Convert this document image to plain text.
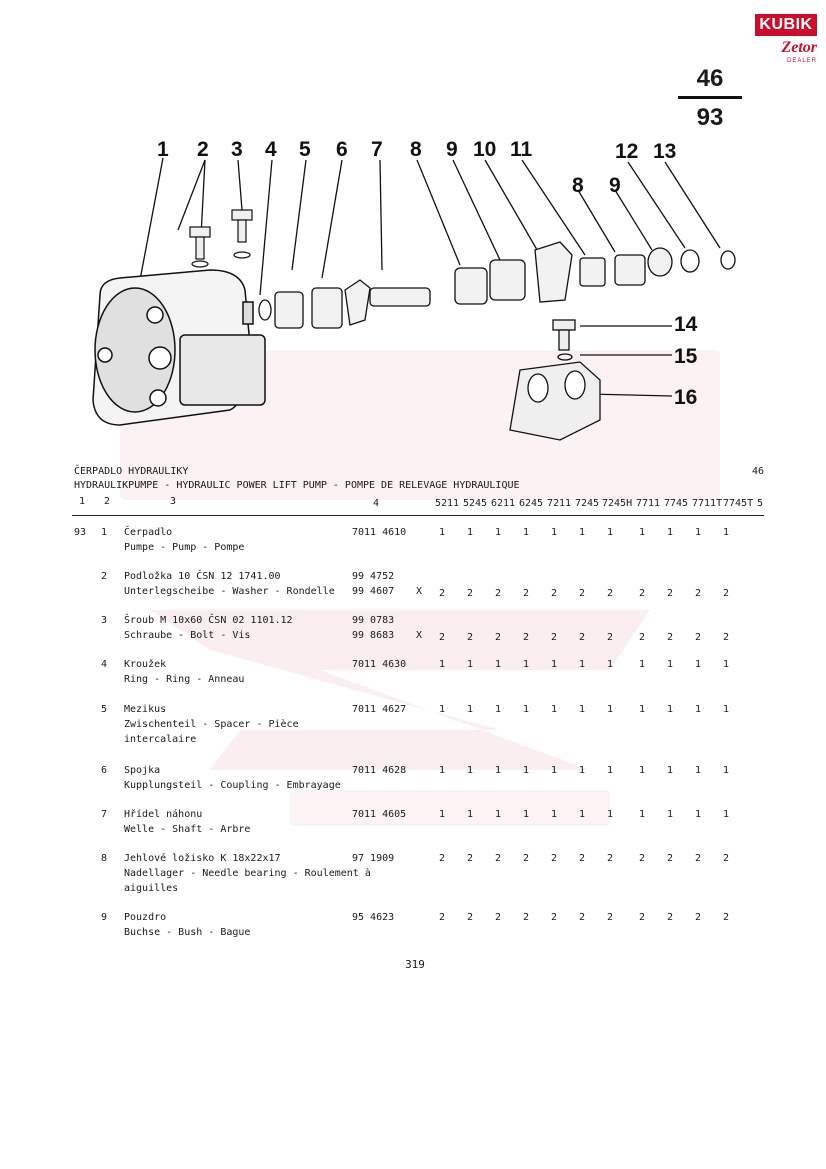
KUBIK
Zetor
DEALER
46
93
1 2 3 4 5 6 7 8 9 10 11
8 9
12 13
14
15
16
ČERPADLO HYDRAULIKY	46
HYDRAULIKPUMPE - HYDRAULIC POWER LIFT PUMP - POMPE DE RELEVAGE HYDRAULIQUE
1 2	3	4	5
5211 5245 6211 6245 7211 7245 7245H 7711 7745 7711T 7745T
93 1 Čerpadlo
Pumpe - Pump - Pompe
7011 4610	1	1	1	1	1	1	1	1	1	1	1
2 Podložka 10 ČSN 12 1741.00
Unterlegscheibe - Washer - Rondelle
99 4752
99 4607 X	2	2	2	2	2	2	2	2	2	2	2
3 Šroub M 10x60 ČSN 02 1101.12
Schraube - Bolt - Vis
99 0783
99 8683 X	2	2	2	2	2	2	2	2	2	2	2
4 Kroužek
Ring - Ring - Anneau
7011 4630	1	1	1	1	1	1	1	1	1	1	1
5 Mezikus
Zwischenteil - Spacer - Pièce
intercalaire
7011 4627	1	1	1	1	1	1	1	1	1	1	1
6 Spojka
Kupplungsteil - Coupling - Embrayage
7011 4628	1	1	1	1	1	1	1	1	1	1	1
7 Hřídel náhonu
Welle - Shaft - Arbre
7011 4605	1	1	1	1	1	1	1	1	1	1	1
8 Jehlové ložisko K 18x22x17
Nadellager - Needle bearing - Roulement à
aiguilles
97 1909	2	2	2	2	2	2	2	2	2	2	2
9 Pouzdro
Buchse - Bush - Bague
95 4623	2	2	2	2	2	2	2	2	2	2	2
319
